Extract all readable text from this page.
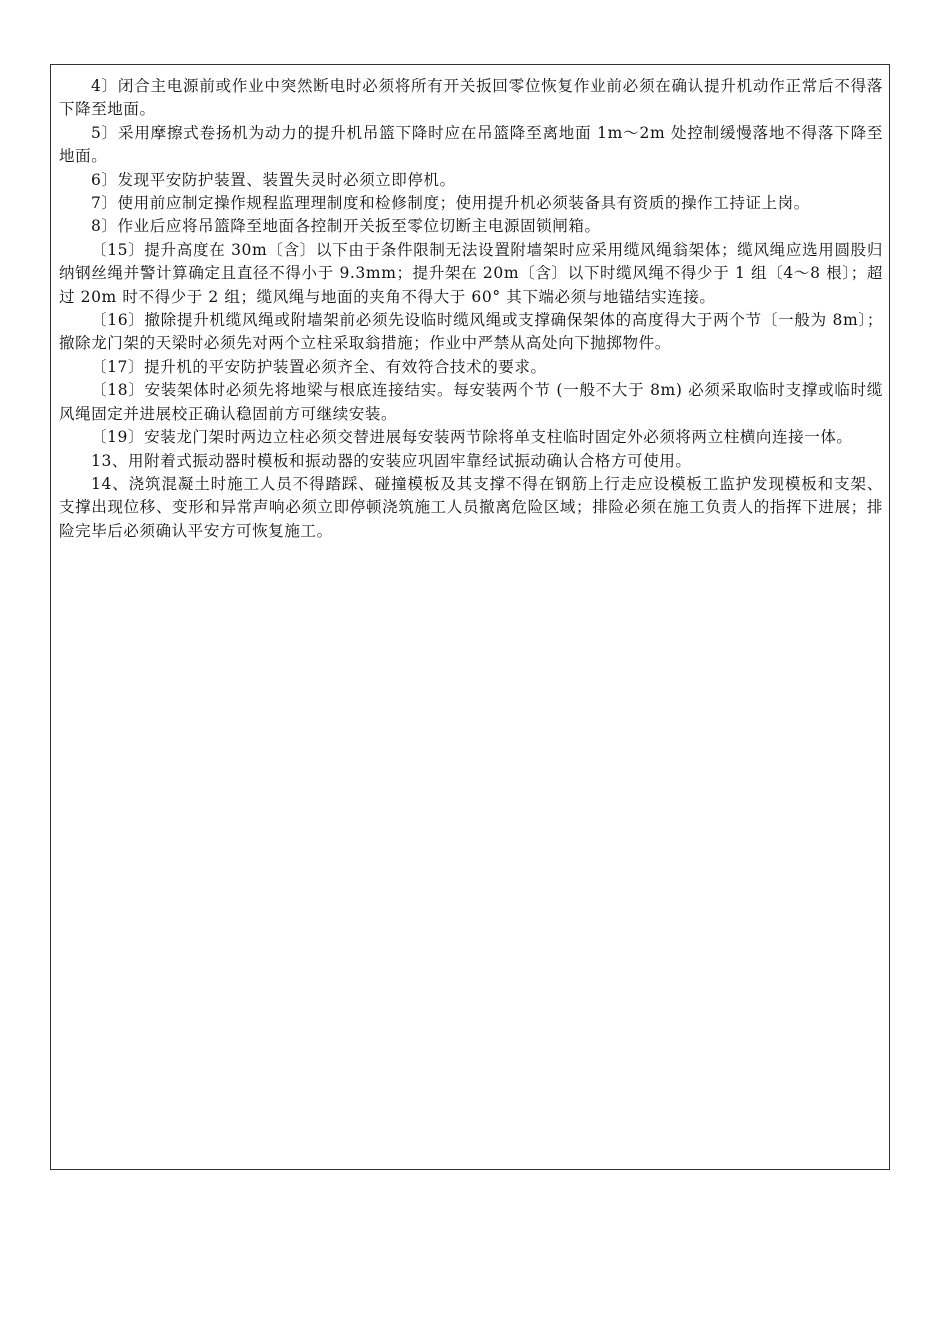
4〕闭合主电源前或作业中突然断电时必须将所有开关扳回零位恢复作业前必须在确认提升机动作正常后不得落下降至地面。

5〕采用摩擦式卷扬机为动力的提升机吊篮下降时应在吊篮降至离地面 1m～2m 处控制缓慢落地不得落下降至地面。

6〕发现平安防护装置、装置失灵时必须立即停机。

7〕使用前应制定操作规程监理理制度和检修制度；使用提升机必须装备具有资质的操作工持证上岗。

8〕作业后应将吊篮降至地面各控制开关扳至零位切断主电源固锁闸箱。

〔15〕提升高度在 30m〔含〕以下由于条件限制无法设置附墙架时应采用缆风绳翁架体；缆风绳应选用圆股归纳钢丝绳并警计算确定且直径不得小于 9.3mm；提升架在 20m〔含〕以下时缆风绳不得少于 1 组〔4～8 根〕；超过 20m 时不得少于 2 组；缆风绳与地面的夹角不得大于 60° 其下端必须与地锚结实连接。

〔16〕撤除提升机缆风绳或附墙架前必须先设临时缆风绳或支撑确保架体的高度得大于两个节〔一般为 8m〕；撤除龙门架的天梁时必须先对两个立柱采取翁措施；作业中严禁从高处向下抛掷物件。

〔17〕提升机的平安防护装置必须齐全、有效符合技术的要求。

〔18〕安装架体时必须先将地梁与根底连接结实。每安装两个节 (一般不大于 8m) 必须采取临时支撑或临时缆风绳固定并进展校正确认稳固前方可继续安装。

〔19〕安装龙门架时两边立柱必须交替进展每安装两节除将单支柱临时固定外必须将两立柱横向连接一体。

13、用附着式振动器时模板和振动器的安装应巩固牢靠经试振动确认合格方可使用。

14、浇筑混凝土时施工人员不得踏踩、碰撞模板及其支撑不得在钢筋上行走应设模板工监护发现模板和支架、支撑出现位移、变形和异常声响必须立即停顿浇筑施工人员撤离危险区域；排险必须在施工负责人的指挥下进展；排险完毕后必须确认平安方可恢复施工。
